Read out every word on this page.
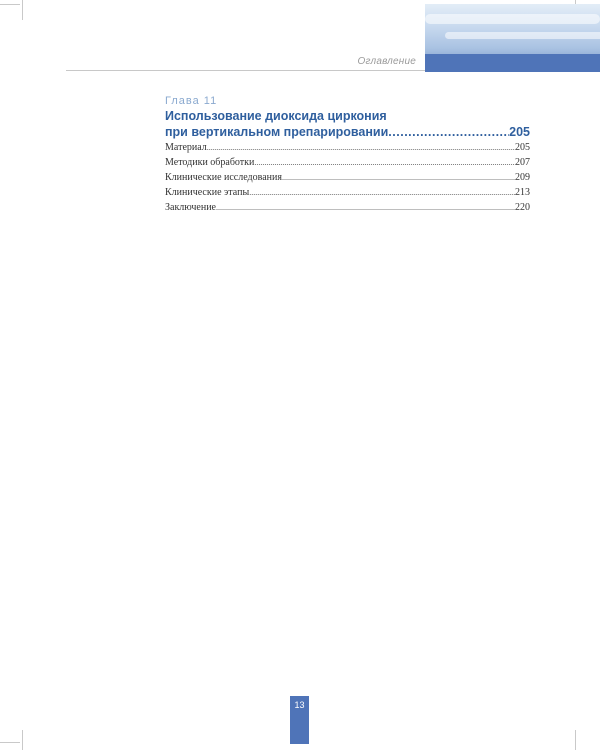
Оглавление
Глава 11
Использование диоксида циркония
при вертикальном препарировании .....	205
Материал .....	205
Методики обработки .....	207
Клинические исследования .....	209
Клинические этапы .....	213
Заключение .....	220
13
